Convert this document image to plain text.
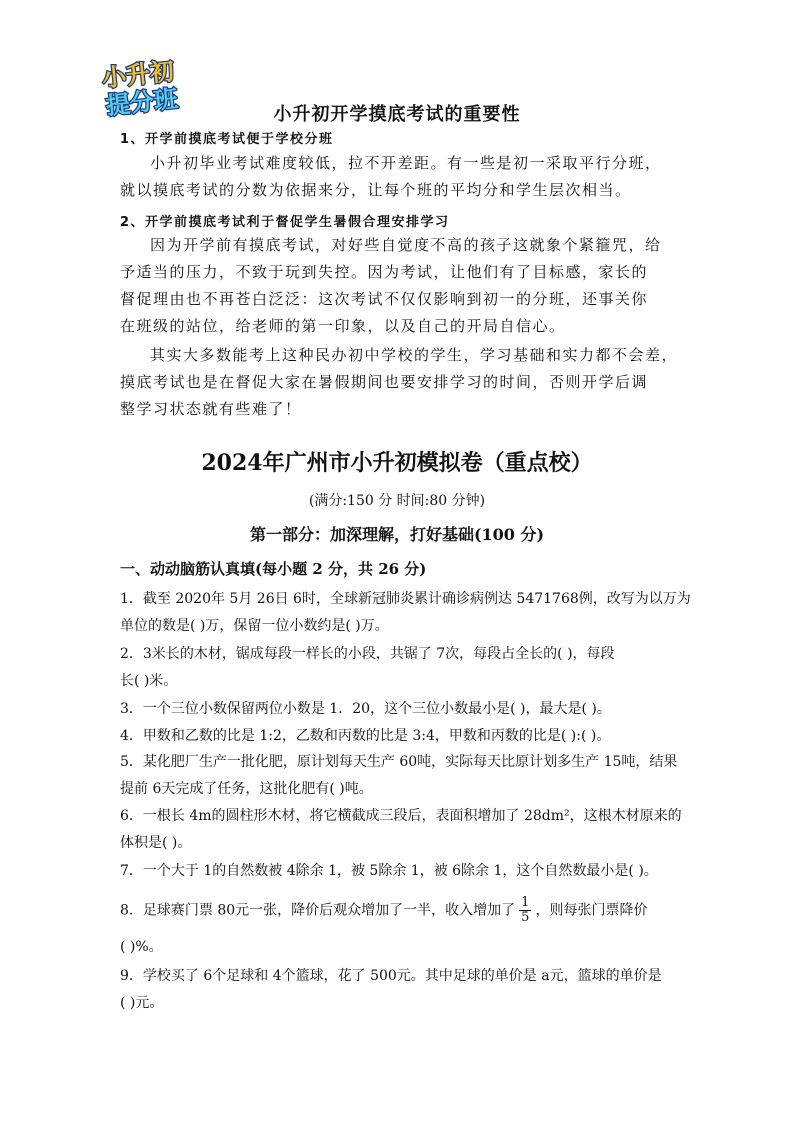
小升初
提分班	小升初开学摸底考试的重要性
1、开学前摸底考试便于学校分班
小升初毕业考试难度较低，拉不开差距。有一些是初一采取平行分班，
就以摸底考试的分数为依据来分，让每个班的平均分和学生层次相当。
2、开学前摸底考试利于督促学生暑假合理安排学习
因为开学前有摸底考试，对好些自觉度不高的孩子这就象个紧箍咒，给
予适当的压力，不致于玩到失控。因为考试，让他们有了目标感，家长的
督促理由也不再苍白泛泛：这次考试不仅仅影响到初一的分班，还事关你
在班级的站位，给老师的第一印象，以及自己的开局自信心。
其实大多数能考上这种民办初中学校的学生，学习基础和实力都不会差，
摸底考试也是在督促大家在暑假期间也要安排学习的时间，否则开学后调
整学习状态就有些难了！
2024年广州市小升初模拟卷（重点校）
(满分:150 分 时间:80 分钟)
第一部分：加深理解，打好基础(100 分)
一、动动脑筋认真填(每小题 2 分，共 26 分)
1．截至 2020年 5月 26日 6时，全球新冠肺炎累计确诊病例达 5471768例，改写为以万为
单位的数是( )万，保留一位小数约是( )万。
2．3米长的木材，锯成每段一样长的小段，共锯了 7次，每段占全长的( )，每段
长( )米。
3．一个三位小数保留两位小数是 1．20，这个三位小数最小是( )，最大是( )。
4．甲数和乙数的比是 1:2，乙数和丙数的比是 3:4，甲数和丙数的比是( ):( )。
5．某化肥厂生产一批化肥，原计划每天生产 60吨，实际每天比原计划多生产 15吨，结果
提前 6天完成了任务，这批化肥有( )吨。
6．一根长 4m的圆柱形木材，将它横截成三段后，表面积增加了 28dm²，这根木材原来的
体积是( )。
7．一个大于 1的自然数被 4除余 1，被 5除余 1，被 6除余 1，这个自然数最小是( )。
8．足球赛门票 80元一张，降价后观众增加了一半，收入增加了 $\frac{1}{5}$ ，则每张门票降价
( )%。
9．学校买了 6个足球和 4个篮球，花了 500元。其中足球的单价是 a元，篮球的单价是
( )元。
